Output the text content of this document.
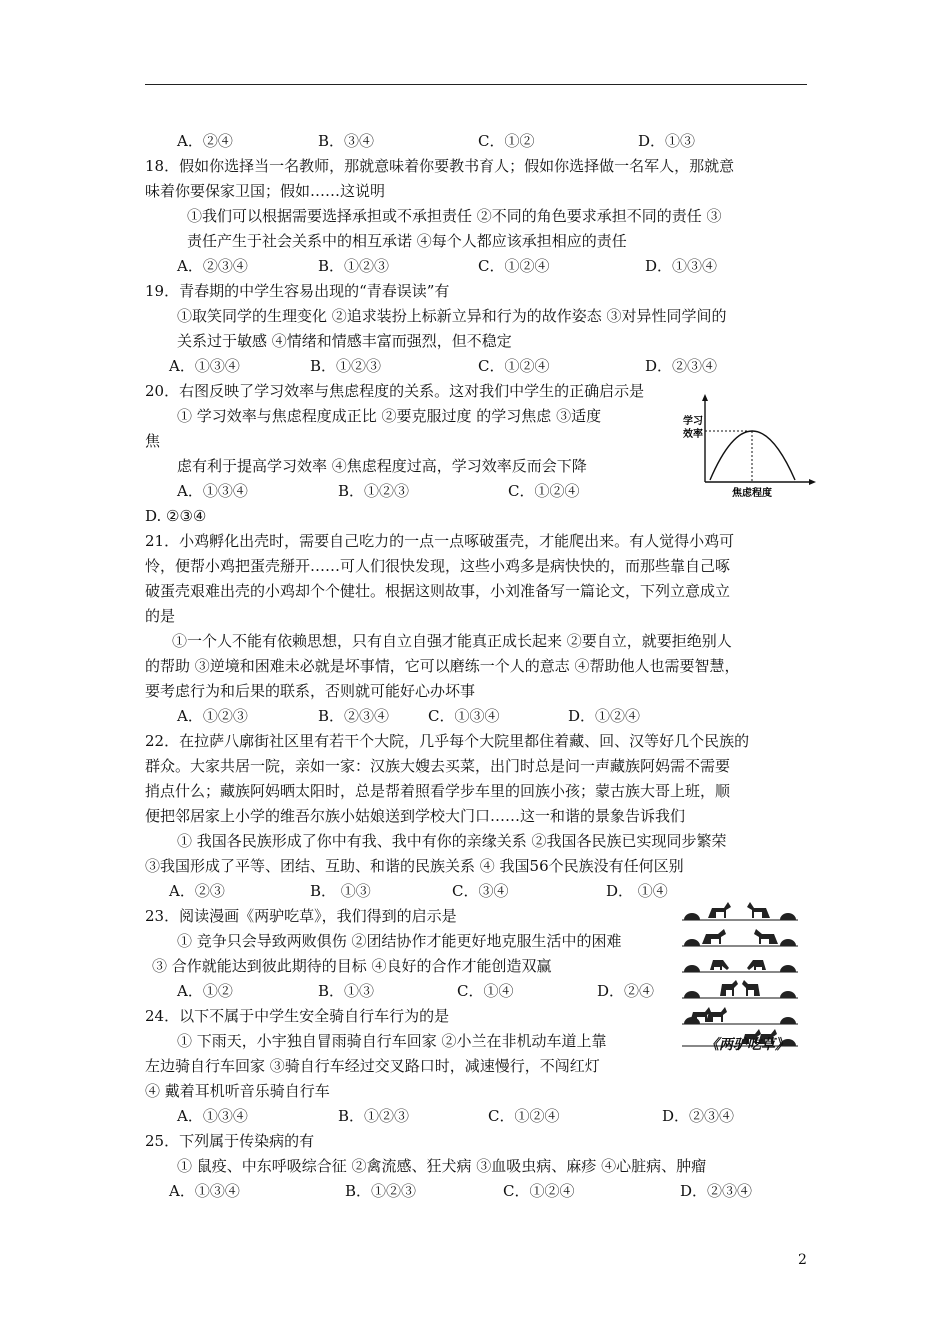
A．②④	B．③④	C．①②	D．①③
18．假如你选择当一名教师，那就意味着你要教书育人；假如你选择做一名军人，那就意
味着你要保家卫国；假如……这说明
①我们可以根据需要选择承担或不承担责任 ②不同的角色要求承担不同的责任 ③
责任产生于社会关系中的相互承诺 ④每个人都应该承担相应的责任
A．②③④	B．①②③	C．①②④	D．①③④
19．青春期的中学生容易出现的“青春误读”有
①取笑同学的生理变化 ②追求装扮上标新立异和行为的故作姿态 ③对异性同学间的
关系过于敏感 ④情绪和情感丰富而强烈，但不稳定
A．①③④	B．①②③	C．①②④	D．②③④
20．右图反映了学习效率与焦虑程度的关系。这对我们中学生的正确启示是
① 学习效率与焦虑程度成正比 ②要克服过度 的学习焦虑 ③适度
焦
虑有利于提高学习效率 ④焦虑程度过高，学习效率反而会下降
A．①③④	B．①②③	C．①②④
D. ②③④
学习
效率
焦虑程度
21．小鸡孵化出壳时，需要自己吃力的一点一点啄破蛋壳，才能爬出来。有人觉得小鸡可
怜，便帮小鸡把蛋壳掰开……可人们很快发现，这些小鸡多是病快快的，而那些靠自己啄
破蛋壳艰难出壳的小鸡却个个健壮。根据这则故事，小刘准备写一篇论文，下列立意成立
的是
①一个人不能有依赖思想，只有自立自强才能真正成长起来 ②要自立，就要拒绝别人
的帮助 ③逆境和困难未必就是坏事情，它可以磨练一个人的意志 ④帮助他人也需要智慧，
要考虑行为和后果的联系，否则就可能好心办坏事
A．①②③	B．②③④	C．①③④	D．①②④
22．在拉萨八廓街社区里有若干个大院，几乎每个大院里都住着藏、回、汉等好几个民族的
群众。大家共居一院，亲如一家：汉族大嫂去买菜，出门时总是问一声藏族阿妈需不需要
捎点什么；藏族阿妈晒太阳时，总是帮着照看学步车里的回族小孩；蒙古族大哥上班，顺
便把邻居家上小学的维吾尔族小姑娘送到学校大门口……这一和谐的景象告诉我们
① 我国各民族形成了你中有我、我中有你的亲缘关系 ②我国各民族已实现同步繁荣
③我国形成了平等、团结、互助、和谐的民族关系 ④ 我国56个民族没有任何区别
A．②③	B． ①③	C．③④	D． ①④
23．阅读漫画《两驴吃草》，我们得到的启示是
① 竞争只会导致两败俱伤 ②团结协作才能更好地克服生活中的困难
③ 合作就能达到彼此期待的目标 ④良好的合作才能创造双赢
A．①②	B．①③	C．①④	D．②④
《两驴吃草》
24．以下不属于中学生安全骑自行车行为的是
① 下雨天，小宇独自冒雨骑自行车回家 ②小兰在非机动车道上靠
左边骑自行车回家 ③骑自行车经过交叉路口时，减速慢行，不闯红灯
④ 戴着耳机听音乐骑自行车
A．①③④	B．①②③	C．①②④	D．②③④
25．下列属于传染病的有
① 鼠疫、中东呼吸综合征 ②禽流感、狂犬病 ③血吸虫病、麻疹 ④心脏病、肿瘤
A．①③④	B．①②③	C．①②④	D．②③④
2
